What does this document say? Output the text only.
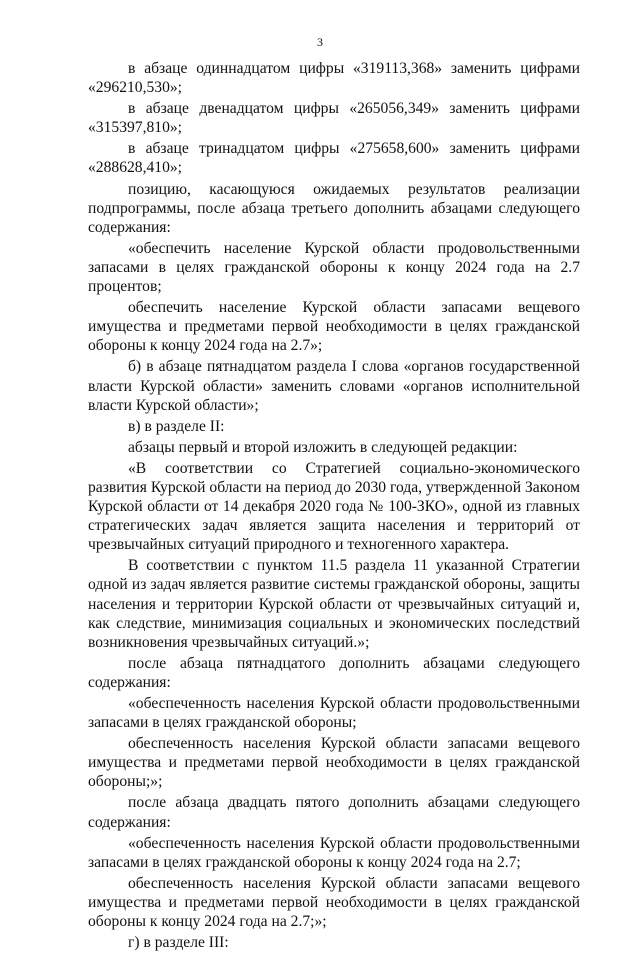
3

в абзаце одиннадцатом цифры «319113,368» заменить цифрами «296210,530»;

в абзаце двенадцатом цифры «265056,349» заменить цифрами «315397,810»;

в абзаце тринадцатом цифры «275658,600» заменить цифрами «288628,410»;

позицию, касающуюся ожидаемых результатов реализации подпрограммы, после абзаца третьего дополнить абзацами следующего содержания:

«обеспечить население Курской области продовольственными запасами в целях гражданской обороны к концу 2024 года на 2.7 процентов;

обеспечить население Курской области запасами вещевого имущества и предметами первой необходимости в целях гражданской обороны к концу 2024 года на 2.7»;

б) в абзаце пятнадцатом раздела I слова «органов государственной власти Курской области» заменить словами «органов исполнительной власти Курской области»;

в) в разделе II:

абзацы первый и второй изложить в следующей редакции:

«В соответствии со Стратегией социально-экономического развития Курской области на период до 2030 года, утвержденной Законом Курской области от 14 декабря 2020 года № 100-ЗКО», одной из главных стратегических задач является защита населения и территорий от чрезвычайных ситуаций природного и техногенного характера.

В соответствии с пунктом 11.5 раздела 11 указанной Стратегии одной из задач является развитие системы гражданской обороны, защиты населения и территории Курской области от чрезвычайных ситуаций и, как следствие, минимизация социальных и экономических последствий возникновения чрезвычайных ситуаций.»;

после абзаца пятнадцатого дополнить абзацами следующего содержания:

«обеспеченность населения Курской области продовольственными запасами в целях гражданской обороны;

обеспеченность населения Курской области запасами вещевого имущества и предметами первой необходимости в целях гражданской обороны;»;

после абзаца двадцать пятого дополнить абзацами следующего содержания:

«обеспеченность населения Курской области продовольственными запасами в целях гражданской обороны к концу 2024 года на 2.7;

обеспеченность населения Курской области запасами вещевого имущества и предметами первой необходимости в целях гражданской обороны к концу 2024 года на 2.7;»;

г) в разделе III:
